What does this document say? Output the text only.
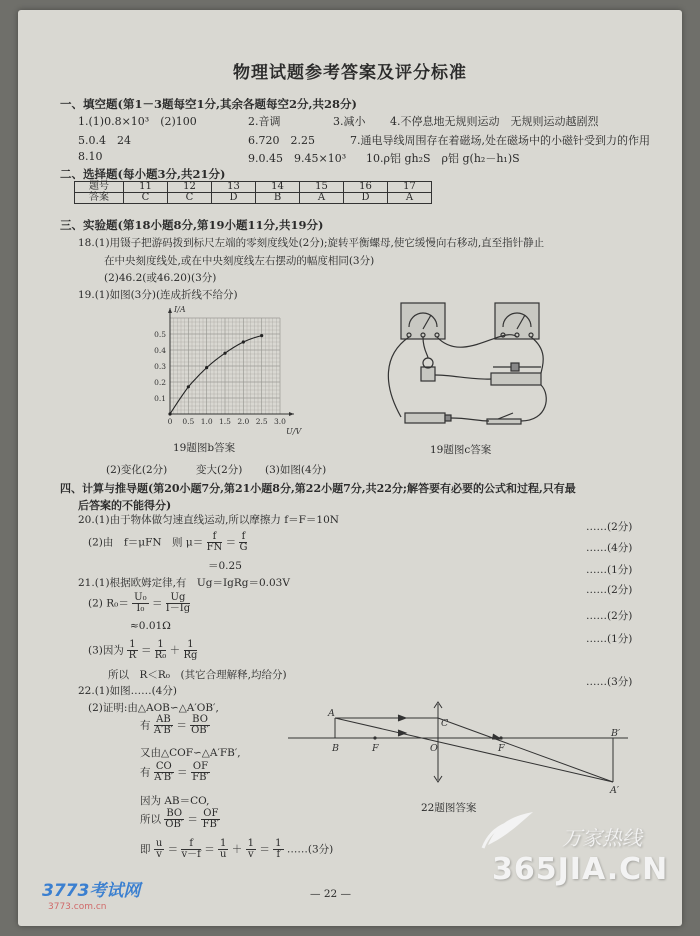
物理试题参考答案及评分标准
一、填空题(第1－3题每空1分,其余各题每空2分,共28分)
1.(1)0.8×10³　(2)100	2.音调	3.减小 4.不停息地无规则运动　无规则运动越剧烈
5.0.4　24	6.720　2.25	7.通电导线周围存在着磁场,处在磁场中的小磁针受到力的作用
8.10	9.0.45　9.45×10³ 10.ρ铝 gh₂S　ρ铝 g(h₂－h₁)S
二、选择题(每小题3分,共21分)
题号	11	12	13	14	15	16	17
答案	C	C	D	B	A	D	A
三、实验题(第18小题8分,第19小题11分,共19分)
18.(1)用镊子把游码拨到标尺左端的零刻度线处(2分);旋转平衡螺母,使它缓慢向右移动,直至指针静止
在中央刻度线处,或在中央刻度线左右摆动的幅度相同(3分)
(2)46.2(或46.20)(3分)
19.(1)如图(3分)(连成折线不给分)
0 0.5 1.0 1.5 2.0 2.5 3.0
0.1
0.2
0.3
0.4
0.5
U/V
I/A
19题图b答案	19题图c答案
(2)变化(2分)	变大(2分) (3)如图(4分)
四、计算与推导题(第20小题7分,第21小题8分,第22小题7分,共22分;解答要有必要的公式和过程,只有最
后答案的不能得分)
20.(1)由于物体做匀速直线运动,所以摩擦力 f＝F＝10N
……(2分)
(2)由　f＝μFN　则 $\mu= \frac{f}{FN} = \frac{f}{G}$	……(4分)
＝0.25	……(1分)
21.(1)根据欧姆定律,有　Ug＝IgRg＝0.03V
……(2分)
(2) $R_0= \frac{\text{U₀}}{\text{I₀}} = \frac{Ug}{I-Ig}$
……(2分)
≈0.01Ω
……(1分)
(3)因为 $\frac{1}{R} = \frac{1}{\text{R₀}} + \frac{1}{Rg}$
所以　R＜R₀　(其它合理解释,均给分)
……(3分)
22.(1)如图……(4分)
(2)证明:由△AOB∽△A′OB′,
有 $\frac{AB}{A'B'} = \frac{BO}{OB'}$
又由△COF∽△A′FB′,
有 $\frac{CO}{A'B'} = \frac{OF}{FB'}$
因为 AB＝CO,
所以 $\frac{BO}{OB'} = \frac{OF}{FB'}$
即 $\frac{u}{v} = \frac{f}{v-f} = \frac{1}{u} + \frac{1}{v} = \frac{1}{f}$ ……(3分)
A
B
C
O
F	F
B′
A′
22题图答案
— 22 —
3773考试网
3773.com.cn
万家热线
365JIA.CN
